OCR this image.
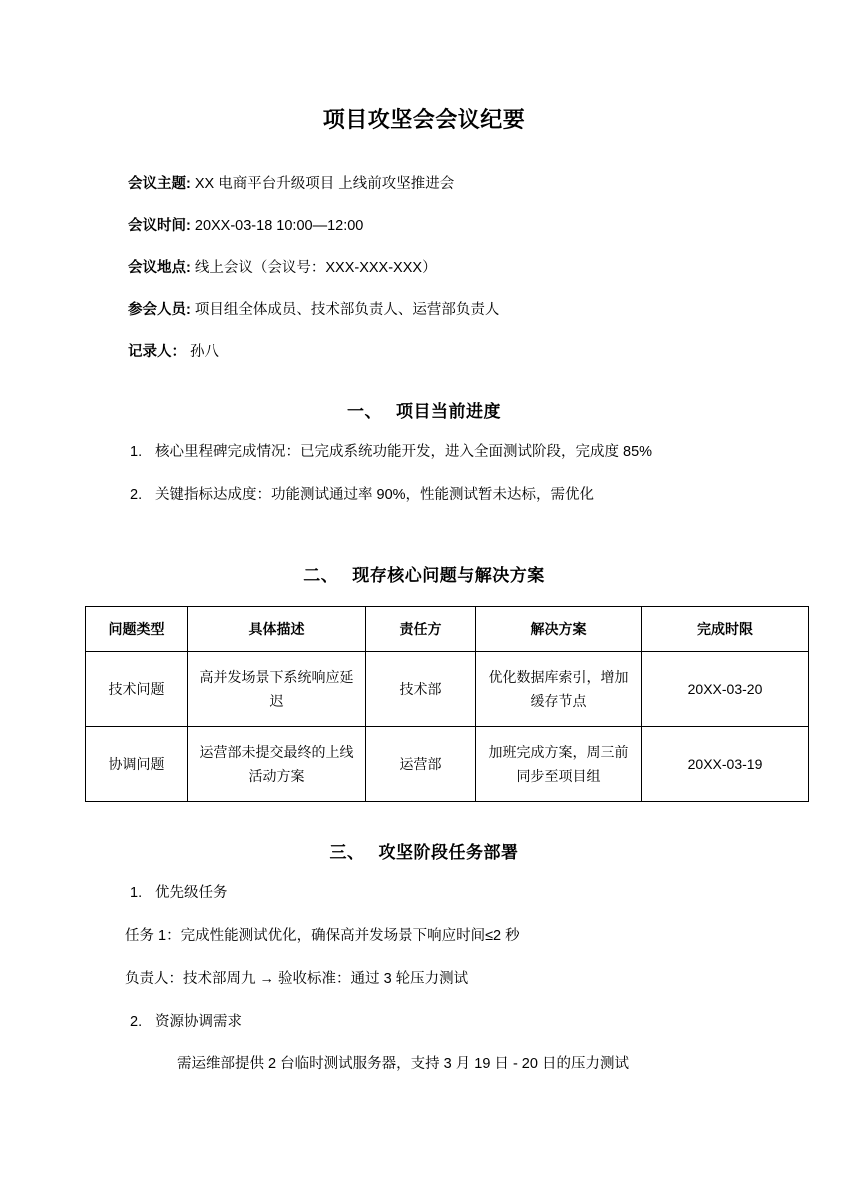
项目攻坚会会议纪要
会议主题: XX 电商平台升级项目 上线前攻坚推进会
会议时间: 20XX-03-18 10:00—12:00
会议地点: 线上会议（会议号：XXX-XXX-XXX）
参会人员: 项目组全体成员、技术部负责人、运营部负责人
记录人： 孙八
一、 项目当前进度
1. 核心里程碑完成情况：已完成系统功能开发，进入全面测试阶段，完成度 85%
2. 关键指标达成度：功能测试通过率 90%，性能测试暂未达标，需优化
二、 现存核心问题与解决方案
问题类型	具体描述	责任方	解决方案	完成时限
技术问题	高并发场景下系统响应延迟	技术部	优化数据库索引，增加缓存节点	20XX-03-20
协调问题	运营部未提交最终的上线活动方案	运营部	加班完成方案，周三前同步至项目组	20XX-03-19
三、 攻坚阶段任务部署
1. 优先级任务
任务 1：完成性能测试优化，确保高并发场景下响应时间≤2 秒
负责人：技术部周九 → 验收标准：通过 3 轮压力测试
2. 资源协调需求
需运维部提供 2 台临时测试服务器，支持 3 月 19 日 - 20 日的压力测试
